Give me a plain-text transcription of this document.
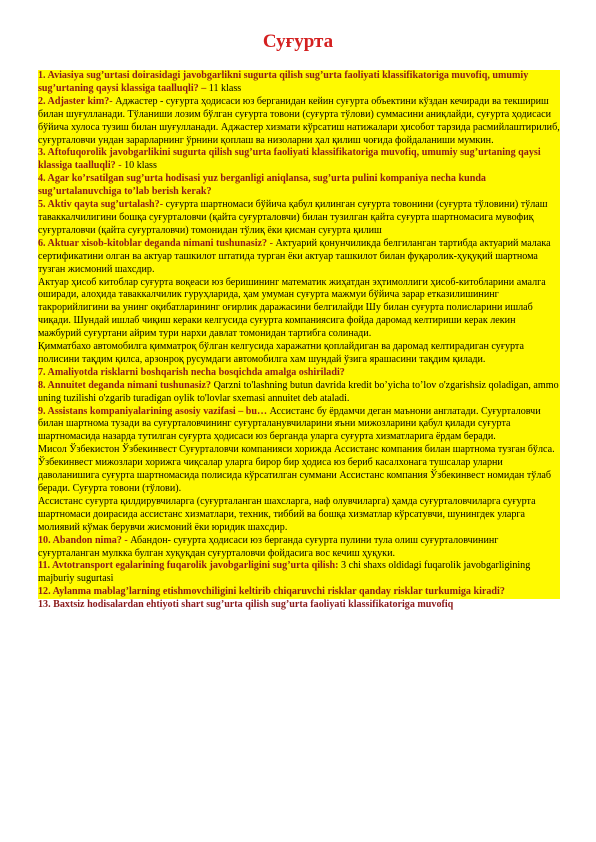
Суғурта

1. Aviasiya sug’urtasi doirasidagi javobgarlikni sugurta qilish sug’urta faoliyati klassifikatoriga muvofiq, umumiy sug’urtaning qaysi klassiga taalluqli? – 11 klass

2. Adjaster kim?- Аджастер - суғурта ҳодисаси юз берганидан кейин суғурта объектини кўздан кечиради ва текшириш билан шуғулланади. Тўланиши лозим бўлган суғурта товони (суғурта тўлови) суммасини аниқлайди, суғурта ҳодисаси бўйича хулоса тузиш билан шуғулланади. Аджастер хизмати кўрсатиш натижалари ҳисобот тарзида расмийлаштирилиб, суғурталовчи ундан зарарларнинг ўрнини қоплаш ва низоларни ҳал қилиш чоғида фойдаланиши мумкин.

3. Aftofuqorolik javobgarlikini sugurta qilish sug’urta faoliyati klassifikatoriga muvofiq, umumiy sug’urtaning qaysi klassiga taalluqli? - 10 klass

4. Agar ko’rsatilgan sug’urta hodisasi yuz berganligi aniqlansa, sug’urta pulini kompaniya necha kunda sug’urtalanuvchiga to’lab berish kerak?

5. Aktiv qayta sug’urtalash?- суғурта шартномаси бўйича қабул қилинган суғурта товонини (суғурта тўловини) тўлаш таваккалчилигини бошқа суғурталовчи (қайта суғурталовчи) билан тузилган қайта суғурта шартномасига мувофиқ суғурталовчи (қайта суғурталовчи) томонидан тўлиқ ёки қисман суғурта қилиш

6. Aktuar xisob-kitoblar deganda nimani tushunasiz? - Актуарий қонунчиликда белгиланган тартибда актуарий малака сертификатини олган ва актуар ташкилот штатида турган ёки актуар ташкилот билан фуқаролик-ҳуқуқий шартнома тузган жисмоний шахсдир.

Актуар ҳисоб китоблар суғурта воқеаси юз беришининг математик жиҳатдан эҳтимоллиги ҳисоб-китобларини амалга оширади, алоҳида таваккалчилик гуруҳларида, ҳам умуман суғурта мажмуи бўйича зарар етказилишининг такрорийлигини ва унинг оқибатларининг оғирлик даражасини белгилайди Шу билан суғурта полисларини ишлаб чиқади. Шундай ишлаб чиқиш кераки келгусида суғурта компаниясига фойда даромад келтириши керак лекин мажбурий суғуртани айрим тури нархи давлат томонидан тартибга солинади.

Қимматбахо автомобилга қимматроқ бўлган келгусида харажатни қоплайдиган ва даромад келтирадиган суғурта полисини тақдим қилса, арзонроқ русумдаги автомобилга хам шундай ўзига ярашасини тақдим қилади.

7. Amaliyotda risklarni boshqarish necha bosqichda amalga oshiriladi?

8. Annuitet deganda nimani tushunasiz? Qarzni to'lashning butun davrida kredit bo’yicha to’lov o'zgarishsiz qoladigan, ammo uning tuzilishi o'zgarib turadigan oylik to'lovlar sxemasi annuitet deb ataladi.

9. Assistans kompaniyalarining asosiy vazifasi – bu… Ассистанс бу ёрдамчи деган маънони англатади. Суғурталовчи билан шартнома тузади ва суғурталовчининг суғурталанувчиларини яъни мижозларини қабул қилади суғурта шартномасида назарда тутилган суғурта ҳодисаси юз берганда уларга суғурта хизматларига ёрдам беради.

Мисол Ўзбекистон Ўзбекинвест Суғурталовчи компанияси хорижда Ассистанс компания билан шартнома тузган бўлса. Ўзбекинвест мижозлари хорижга чиқсалар уларга бирор бир ҳодиса юз бериб касалхонага тушсалар уларни даволанишига суғурта шартномасида полисида кўрсатилган суммани Ассистанс компания Ўзбекинвест номидан тўлаб беради. Суғурта товони (тўлови).

Ассистанс суғурта қилдирувчиларга (суғурталанган шахсларга, наф олувчиларга) ҳамда суғурталовчиларга суғурта шартномаси доирасида ассистанс хизматлари, техник, тиббий ва бошқа хизматлар кўрсатувчи, шунингдек уларга молиявий кўмак берувчи жисмоний ёки юридик шахсдир.

10. Abandon nima? - Абандон- суғурта ҳодисаси юз берганда суғурта пулини тула олиш суғурталовчининг суғурталанган мулкка булган хуқуқдан суғурталовчи фойдасига вос кечиш ҳуқуки.

11. Avtotransport egalarining fuqarolik javobgarligini sug’urta qilish: 3 chi shaxs oldidagi fuqarolik javobgarligining majburiy sugurtasi

12. Aylanma mablag’larning etishmovchiligini keltirib chiqaruvchi risklar qanday risklar turkumiga kiradi?

13. Baxtsiz hodisalardan ehtiyoti shart sug’urta qilish sug’urta faoliyati klassifikatoriga muvofiq
